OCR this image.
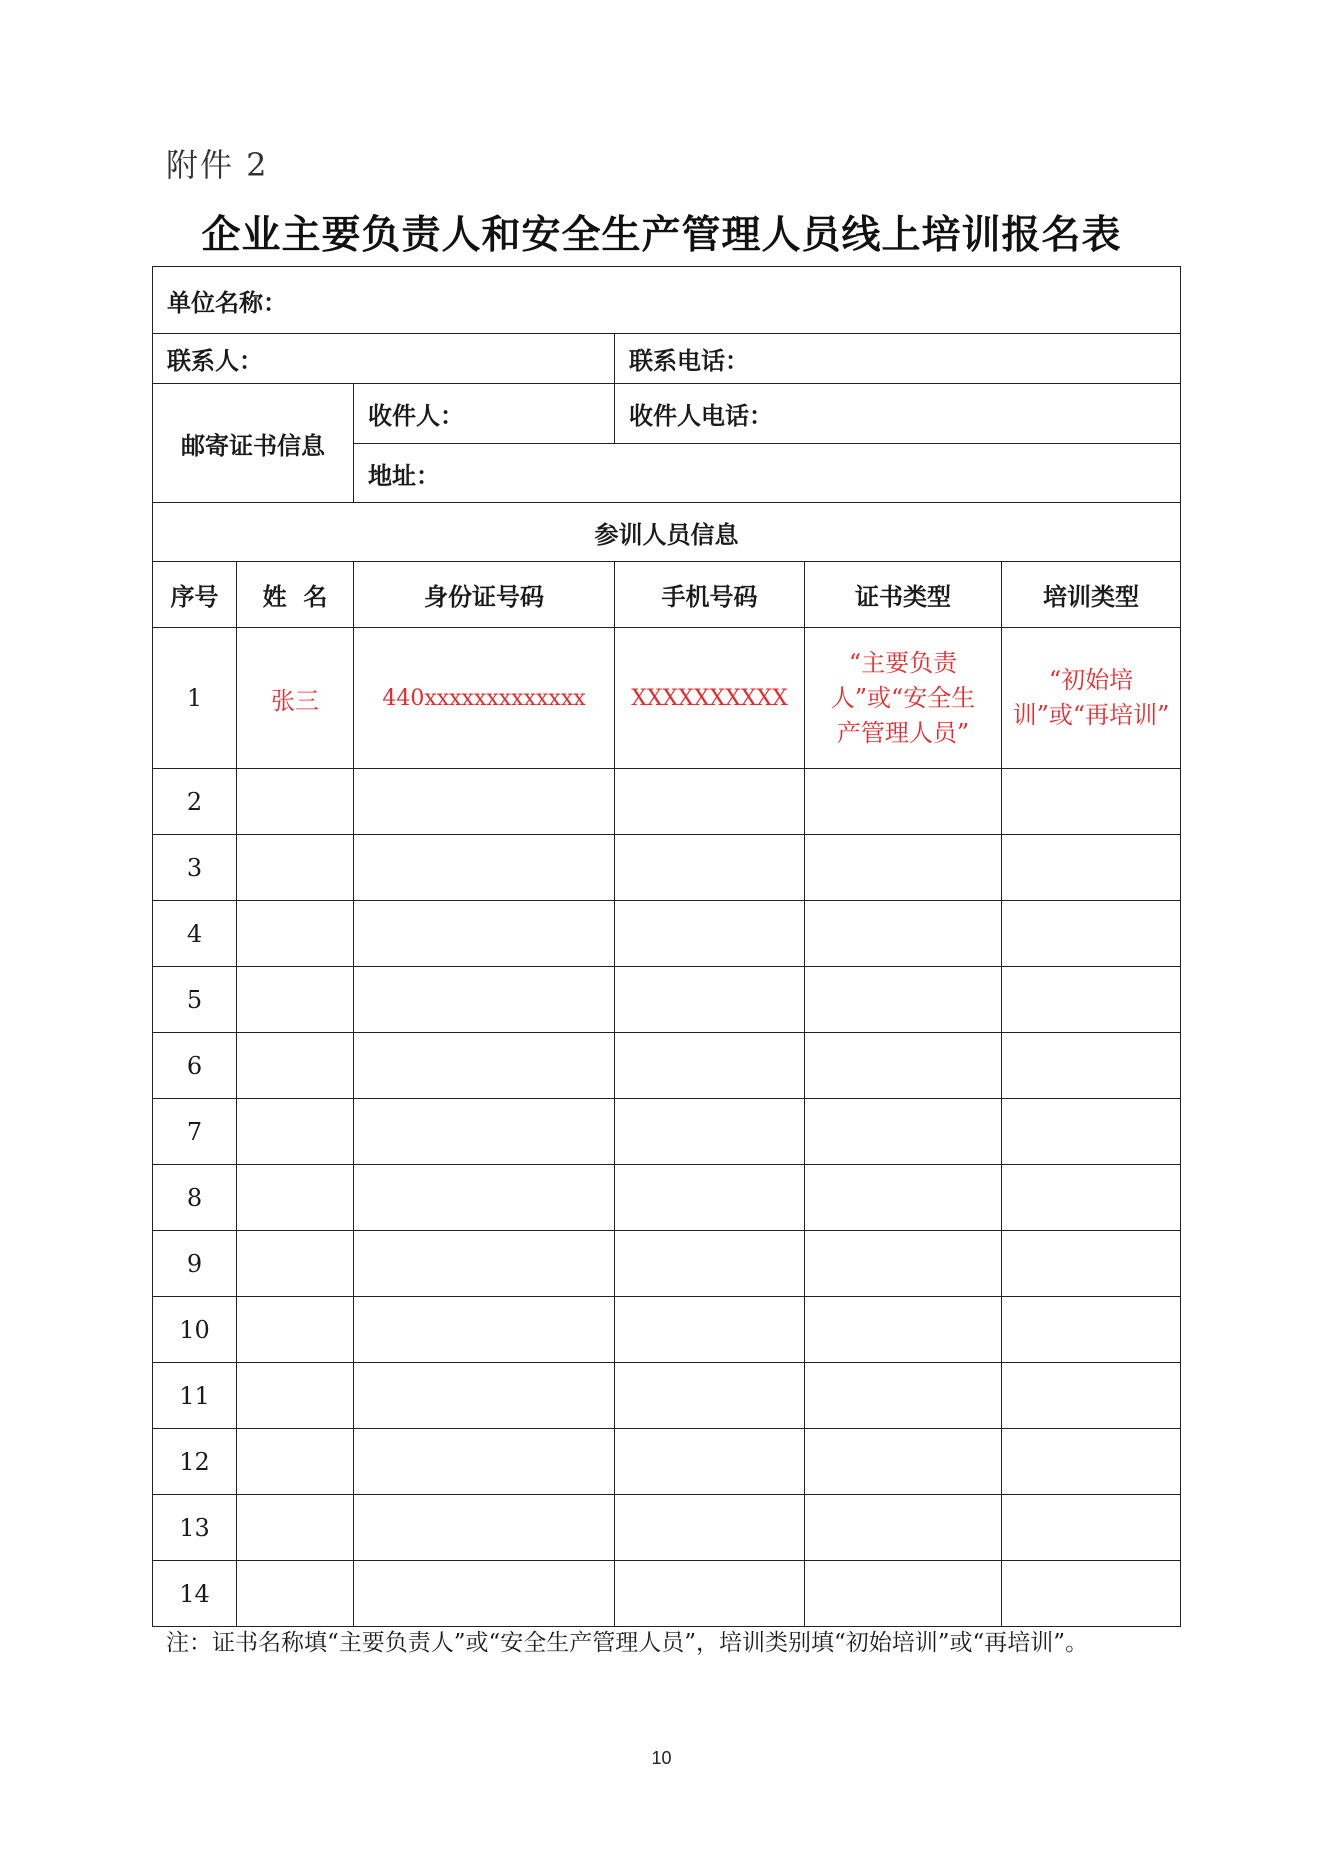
附件 2
企业主要负责人和安全生产管理人员线上培训报名表
单位名称：					
联系人：			联系电话：		
邮寄证书信息		收件人：	收件人电话：		
		地址：			
参训人员信息					
序号	姓  名	身份证号码	手机号码	证书类型	培训类型
1	张三	440xxxxxxxxxxxxx	XXXXXXXXXX	“主要负责人”或“安全生产管理人员”	“初始培训”或“再培训”
2					
3					
4					
5					
6					
7					
8					
9					
10					
11					
12					
13					
14					
注：证书名称填“主要负责人”或“安全生产管理人员”，培训类别填“初始培训”或“再培训”。
10
